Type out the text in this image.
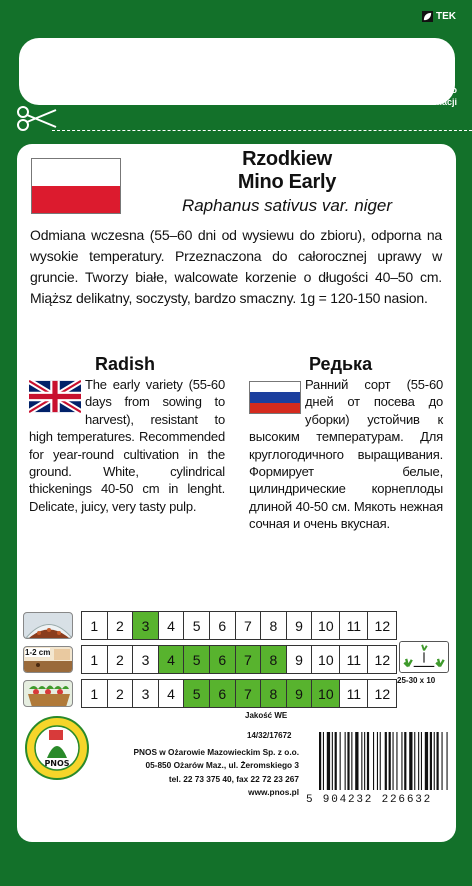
TEK
Opakowanie służy jako dowód do reklamacji
Rzodkiew
Mino Early
Raphanus sativus var. niger
Odmiana wczesna (55–60 dni od wysiewu do zbioru), odporna na wysokie temperatury. Przeznaczona do całorocznej uprawy w gruncie. Tworzy białe, walcowate korzenie o długości 40–50 cm. Miąższ delikatny, soczysty, bardzo smaczny. 1g = 120-150 nasion.
Radish	Редька
The early variety (55-60 days from sowing to harvest), resistant to high temperatures. Recommended for year-round cultivation in the ground. White, cylindrical thickenings 40-50 cm in lenght. Delicate, juicy, very tasty pulp.
Ранний сорт (55-60 дней от посева до уборки) устойчив к высоким температурам. Для круглогодичного выращивания. Формирует белые, цилиндрические корнеплоды длиной 40-50 см. Мякоть нежная сочная и очень вкусная.
1	2	3	4	5	6	7	8	9	10 11 12
1-2 cm	1	2	3	4	5	6	7	8	9	10 11 12
1	2	3	4	5	6	7	8	9	10 11 12
25-30 x 10
PNOS
Jakość WE
14/32/17672
PNOS w Ożarowie Mazowieckim Sp. z o.o.
05-850 Ożarów Maz., ul. Żeromskiego 3
tel. 22 73 375 40, fax 22 72 23 267
www.pnos.pl
5 904232 226632
